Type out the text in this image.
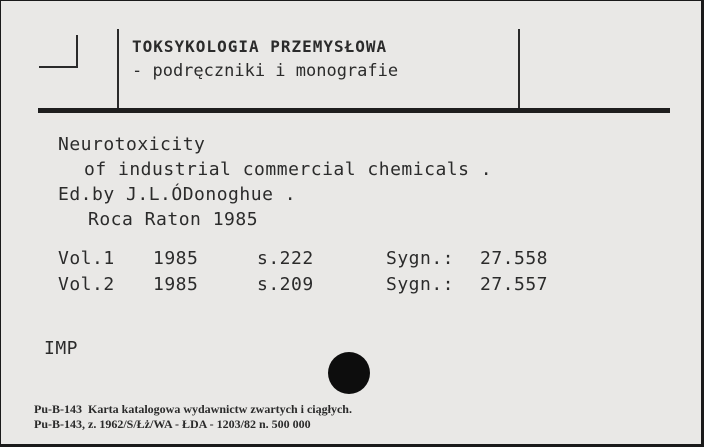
TOKSYKOLOGIA PRZEMYSŁOWA
- podręczniki i monografie
Neurotoxicity
of industrial commercial chemicals .
Ed.by J.L.ÓDonoghue .
Roca Raton 1985
Vol.1 1985	s.222	Sygn.: 27.558
Vol.2 1985	s.209	Sygn.: 27.557
IMP
Pu-B-143  Karta katalogowa wydawnictw zwartych i ciągłych.
Pu-B-143, z. 1962/S/Łż/WA - ŁDA - 1203/82 n. 500 000
